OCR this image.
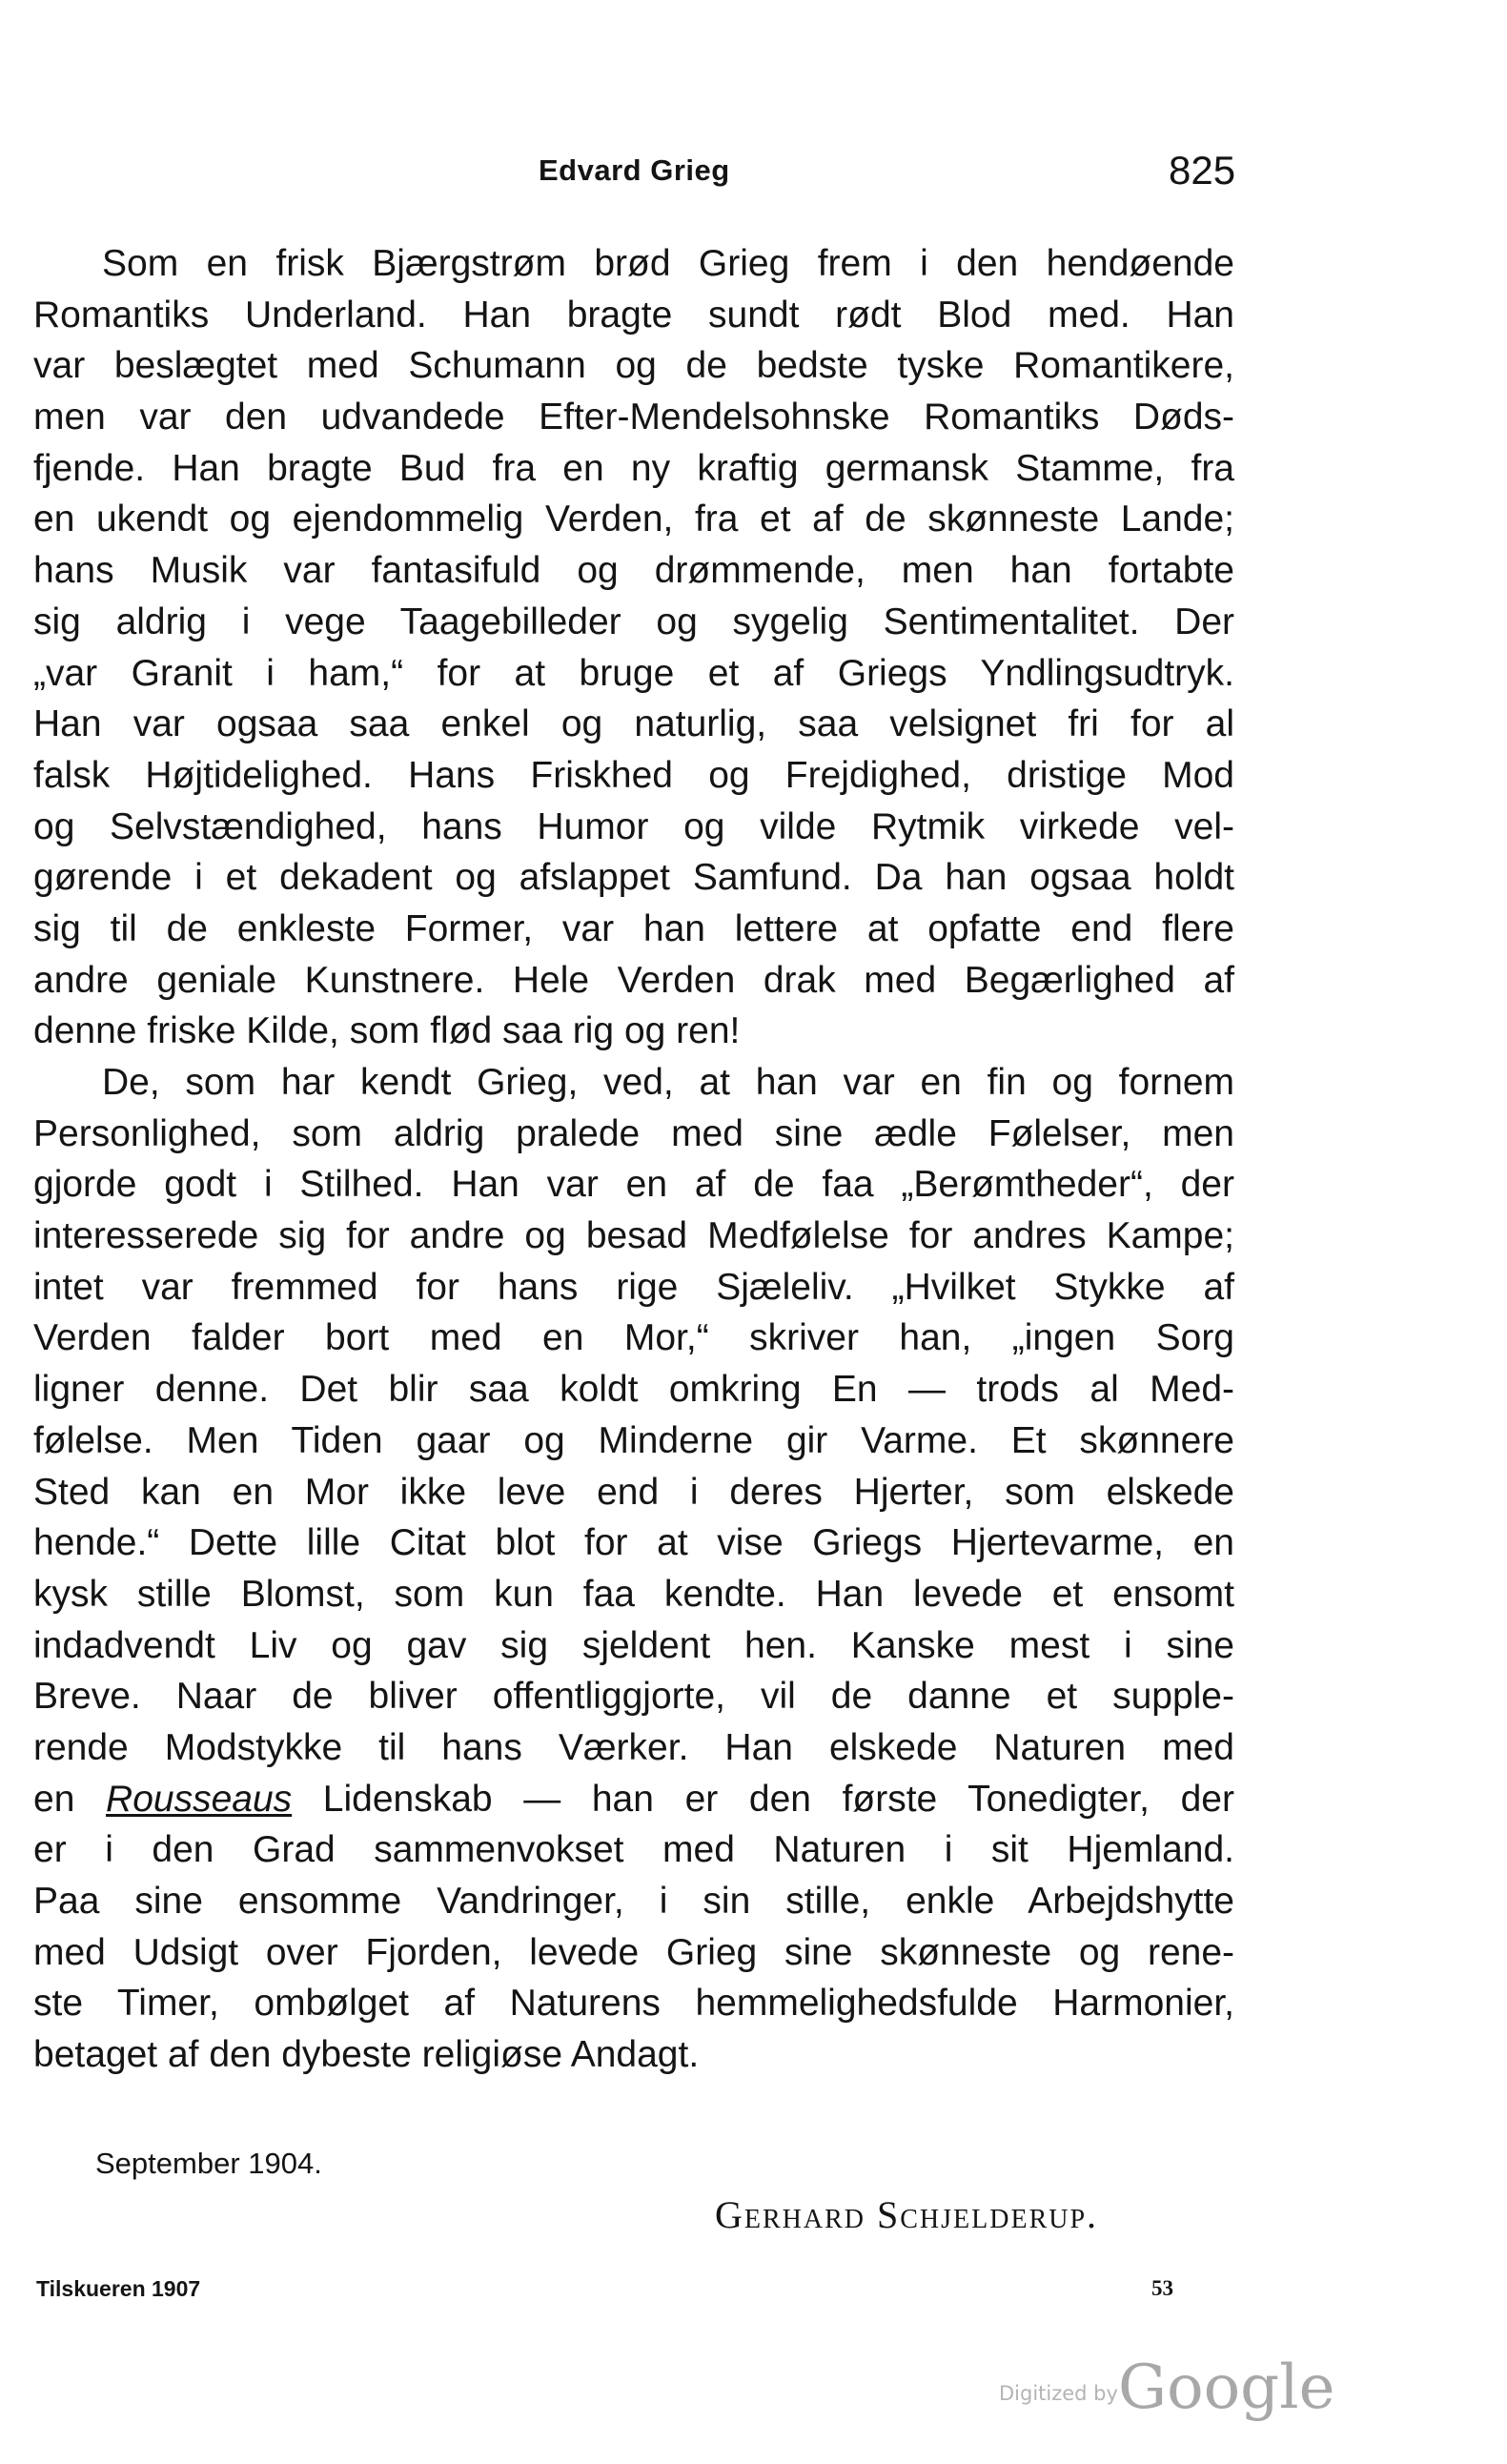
Edvard Grieg	825
Som en frisk Bjærgstrøm brød Grieg frem i den hendøende
Romantiks Underland. Han bragte sundt rødt Blod med. Han
var beslægtet med Schumann og de bedste tyske Romantikere,
men var den udvandede Efter-Mendelsohnske Romantiks Døds-
fjende. Han bragte Bud fra en ny kraftig germansk Stamme, fra
en ukendt og ejendommelig Verden, fra et af de skønneste Lande;
hans Musik var fantasifuld og drømmende, men han fortabte
sig aldrig i vege Taagebilleder og sygelig Sentimentalitet. Der
„var Granit i ham,“ for at bruge et af Griegs Yndlingsudtryk.
Han var ogsaa saa enkel og naturlig, saa velsignet fri for al
falsk Højtidelighed. Hans Friskhed og Frejdighed, dristige Mod
og Selvstændighed, hans Humor og vilde Rytmik virkede vel-
gørende i et dekadent og afslappet Samfund. Da han ogsaa holdt
sig til de enkleste Former, var han lettere at opfatte end flere
andre geniale Kunstnere. Hele Verden drak med Begærlighed af
denne friske Kilde, som flød saa rig og ren!
De, som har kendt Grieg, ved, at han var en fin og fornem
Personlighed, som aldrig pralede med sine ædle Følelser, men
gjorde godt i Stilhed. Han var en af de faa „Berømtheder“, der
interesserede sig for andre og besad Medfølelse for andres Kampe;
intet var fremmed for hans rige Sjæleliv. „Hvilket Stykke af
Verden falder bort med en Mor,“ skriver han, „ingen Sorg
ligner denne. Det blir saa koldt omkring En — trods al Med-
følelse. Men Tiden gaar og Minderne gir Varme. Et skønnere
Sted kan en Mor ikke leve end i deres Hjerter, som elskede
hende.“ Dette lille Citat blot for at vise Griegs Hjertevarme, en
kysk stille Blomst, som kun faa kendte. Han levede et ensomt
indadvendt Liv og gav sig sjeldent hen. Kanske mest i sine
Breve. Naar de bliver offentliggjorte, vil de danne et supple-
rende Modstykke til hans Værker. Han elskede Naturen med
en Rousseaus Lidenskab — han er den første Tonedigter, der
er i den Grad sammenvokset med Naturen i sit Hjemland.
Paa sine ensomme Vandringer, i sin stille, enkle Arbejdshytte
med Udsigt over Fjorden, levede Grieg sine skønneste og rene-
ste Timer, ombølget af Naturens hemmelighedsfulde Harmonier,
betaget af den dybeste religiøse Andagt.
September 1904.
Gerhard Schjelderup.
Tilskueren 1907	53
Digitized byGoogle
